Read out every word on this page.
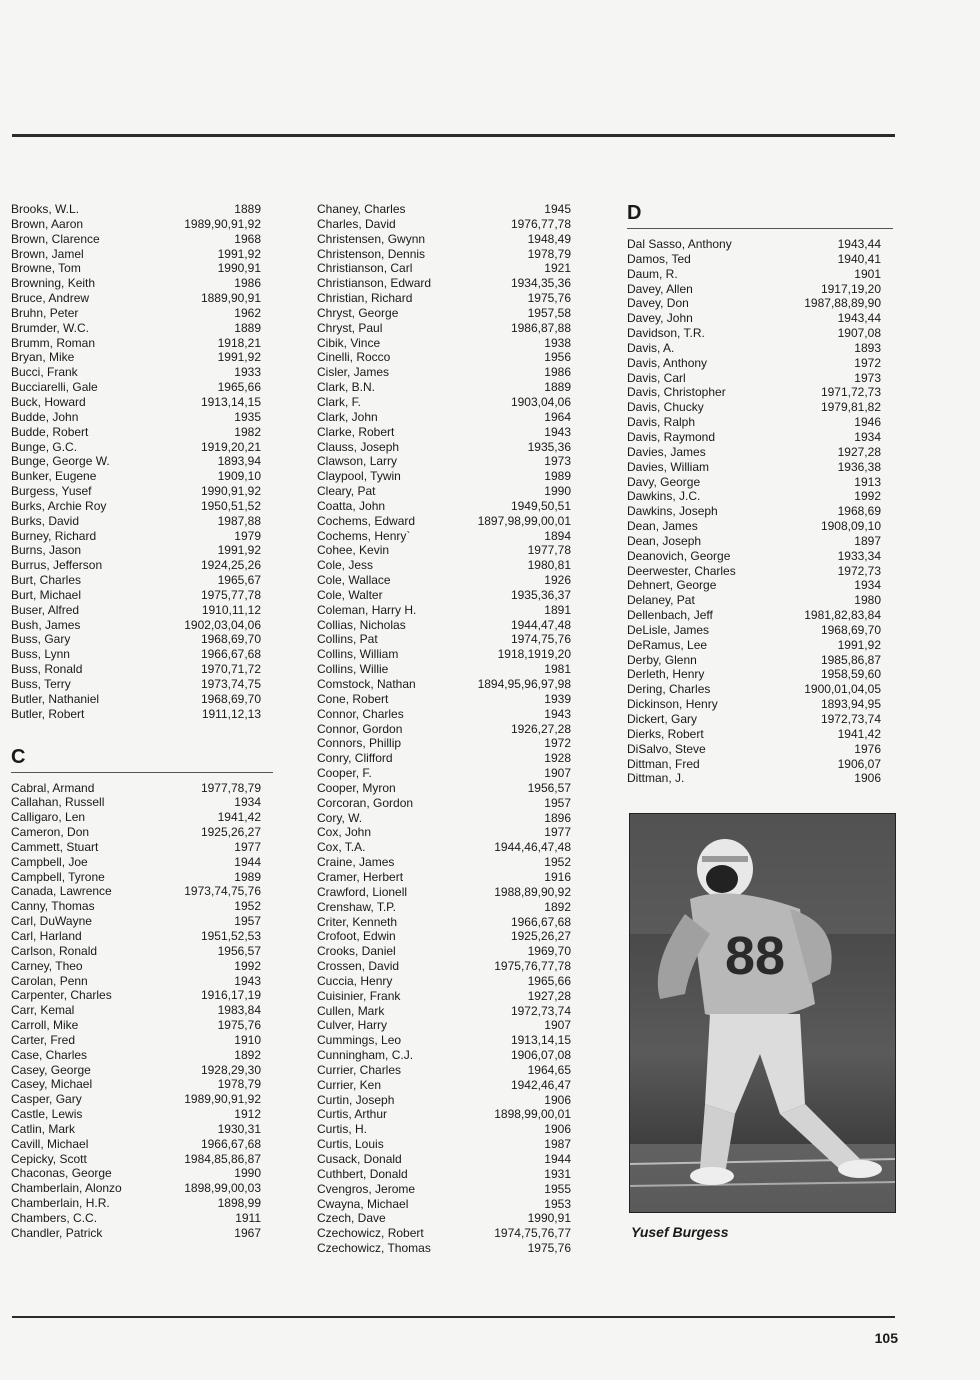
Brooks, W.L.	1889
Brown, Aaron	1989,90,91,92
Brown, Clarence	1968
Brown, Jamel	1991,92
Browne, Tom	1990,91
Browning, Keith	1986
Bruce, Andrew	1889,90,91
Bruhn, Peter	1962
Brumder, W.C.	1889
Brumm, Roman	1918,21
Bryan, Mike	1991,92
Bucci, Frank	1933
Bucciarelli, Gale	1965,66
Buck, Howard	1913,14,15
Budde, John	1935
Budde, Robert	1982
Bunge, G.C.	1919,20,21
Bunge, George W.	1893,94
Bunker, Eugene	1909,10
Burgess, Yusef	1990,91,92
Burks, Archie Roy	1950,51,52
Burks, David	1987,88
Burney, Richard	1979
Burns, Jason	1991,92
Burrus, Jefferson	1924,25,26
Burt, Charles	1965,67
Burt, Michael	1975,77,78
Buser, Alfred	1910,11,12
Bush, James	1902,03,04,06
Buss, Gary	1968,69,70
Buss, Lynn	1966,67,68
Buss, Ronald	1970,71,72
Buss, Terry	1973,74,75
Butler, Nathaniel	1968,69,70
Butler, Robert	1911,12,13
C
Cabral, Armand	1977,78,79
Callahan, Russell	1934
Calligaro, Len	1941,42
Cameron, Don	1925,26,27
Cammett, Stuart	1977
Campbell, Joe	1944
Campbell, Tyrone	1989
Canada, Lawrence	1973,74,75,76
Canny, Thomas	1952
Carl, DuWayne	1957
Carl, Harland	1951,52,53
Carlson, Ronald	1956,57
Carney, Theo	1992
Carolan, Penn	1943
Carpenter, Charles	1916,17,19
Carr, Kemal	1983,84
Carroll, Mike	1975,76
Carter, Fred	1910
Case, Charles	1892
Casey, George	1928,29,30
Casey, Michael	1978,79
Casper, Gary	1989,90,91,92
Castle, Lewis	1912
Catlin, Mark	1930,31
Cavill, Michael	1966,67,68
Cepicky, Scott	1984,85,86,87
Chaconas, George	1990
Chamberlain, Alonzo	1898,99,00,03
Chamberlain, H.R.	1898,99
Chambers, C.C.	1911
Chandler, Patrick	1967
Chaney, Charles	1945
Charles, David	1976,77,78
Christensen, Gwynn	1948,49
Christenson, Dennis	1978,79
Christianson, Carl	1921
Christianson, Edward	1934,35,36
Christian, Richard	1975,76
Chryst, George	1957,58
Chryst, Paul	1986,87,88
Cibik, Vince	1938
Cinelli, Rocco	1956
Cisler, James	1986
Clark, B.N.	1889
Clark, F.	1903,04,06
Clark, John	1964
Clarke, Robert	1943
Clauss, Joseph	1935,36
Clawson, Larry	1973
Claypool, Tywin	1989
Cleary, Pat	1990
Coatta, John	1949,50,51
Cochems, Edward	1897,98,99,00,01
Cochems, Henry`	1894
Cohee, Kevin	1977,78
Cole, Jess	1980,81
Cole, Wallace	1926
Cole, Walter	1935,36,37
Coleman, Harry H.	1891
Collias, Nicholas	1944,47,48
Collins, Pat	1974,75,76
Collins, William	1918,1919,20
Collins, Willie	1981
Comstock, Nathan	1894,95,96,97,98
Cone, Robert	1939
Connor, Charles	1943
Connor, Gordon	1926,27,28
Connors, Phillip	1972
Conry, Clifford	1928
Cooper, F.	1907
Cooper, Myron	1956,57
Corcoran, Gordon	1957
Cory, W.	1896
Cox, John	1977
Cox, T.A.	1944,46,47,48
Craine, James	1952
Cramer, Herbert	1916
Crawford, Lionell	1988,89,90,92
Crenshaw, T.P.	1892
Criter, Kenneth	1966,67,68
Crofoot, Edwin	1925,26,27
Crooks, Daniel	1969,70
Crossen, David	1975,76,77,78
Cuccia, Henry	1965,66
Cuisinier, Frank	1927,28
Cullen, Mark	1972,73,74
Culver, Harry	1907
Cummings, Leo	1913,14,15
Cunningham, C.J.	1906,07,08
Currier, Charles	1964,65
Currier, Ken	1942,46,47
Curtin, Joseph	1906
Curtis, Arthur	1898,99,00,01
Curtis, H.	1906
Curtis, Louis	1987
Cusack, Donald	1944
Cuthbert, Donald	1931
Cvengros, Jerome	1955
Cwayna, Michael	1953
Czech, Dave	1990,91
Czechowicz, Robert	1974,75,76,77
Czechowicz, Thomas	1975,76
D
Dal Sasso, Anthony	1943,44
Damos, Ted	1940,41
Daum, R.	1901
Davey, Allen	1917,19,20
Davey, Don	1987,88,89,90
Davey, John	1943,44
Davidson, T.R.	1907,08
Davis, A.	1893
Davis, Anthony	1972
Davis, Carl	1973
Davis, Christopher	1971,72,73
Davis, Chucky	1979,81,82
Davis, Ralph	1946
Davis, Raymond	1934
Davies, James	1927,28
Davies, William	1936,38
Davy, George	1913
Dawkins, J.C.	1992
Dawkins, Joseph	1968,69
Dean, James	1908,09,10
Dean, Joseph	1897
Deanovich, George	1933,34
Deerwester, Charles	1972,73
Dehnert, George	1934
Delaney, Pat	1980
Dellenbach, Jeff	1981,82,83,84
DeLisle, James	1968,69,70
DeRamus, Lee	1991,92
Derby, Glenn	1985,86,87
Derleth, Henry	1958,59,60
Dering, Charles	1900,01,04,05
Dickinson, Henry	1893,94,95
Dickert, Gary	1972,73,74
Dierks, Robert	1941,42
DiSalvo, Steve	1976
Dittman, Fred	1906,07
Dittman, J.	1906
88
Yusef Burgess
105
